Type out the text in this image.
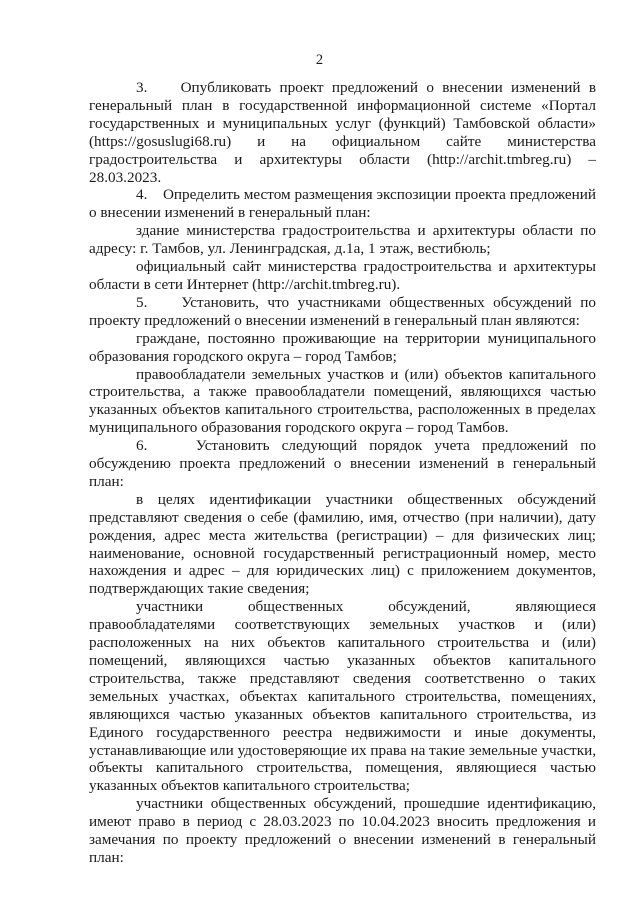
2

3.    Опубликовать проект предложений о внесении изменений в генеральный план в государственной информационной системе «Портал государственных и муниципальных услуг (функций) Тамбовской области» (https://gosuslugi68.ru) и на официальном сайте министерства градостроительства и архитектуры области (http://archit.tmbreg.ru) – 28.03.2023.

4.    Определить местом размещения экспозиции проекта предложений о внесении изменений в генеральный план:

здание министерства градостроительства и архитектуры области по адресу: г. Тамбов, ул. Ленинградская, д.1а, 1 этаж, вестибюль;

официальный сайт министерства градостроительства и архитектуры области в сети Интернет (http://archit.tmbreg.ru).

5.    Установить, что участниками общественных обсуждений по проекту предложений о внесении изменений в генеральный план являются:

граждане, постоянно проживающие на территории муниципального образования городского округа – город Тамбов;

правообладатели земельных участков и (или) объектов капитального строительства, а также правообладатели помещений, являющихся частью указанных объектов капитального строительства, расположенных в пределах муниципального образования городского округа – город Тамбов.

6.    Установить следующий порядок учета предложений по обсуждению проекта предложений о внесении изменений в генеральный план:

в целях идентификации участники общественных обсуждений представляют сведения о себе (фамилию, имя, отчество (при наличии), дату рождения, адрес места жительства (регистрации) – для физических лиц; наименование, основной государственный регистрационный номер, место нахождения и адрес – для юридических лиц) с приложением документов, подтверждающих такие сведения;

участники общественных обсуждений, являющиеся правообладателями соответствующих земельных участков и (или) расположенных на них объектов капитального строительства и (или) помещений, являющихся частью указанных объектов капитального строительства, также представляют сведения соответственно о таких земельных участках, объектах капитального строительства, помещениях, являющихся частью указанных объектов капитального строительства, из Единого государственного реестра недвижимости и иные документы, устанавливающие или удостоверяющие их права на такие земельные участки, объекты капитального строительства, помещения, являющиеся частью указанных объектов капитального строительства;

участники общественных обсуждений, прошедшие идентификацию, имеют право в период с 28.03.2023 по 10.04.2023 вносить предложения и замечания по проекту предложений о внесении изменений в генеральный план:
